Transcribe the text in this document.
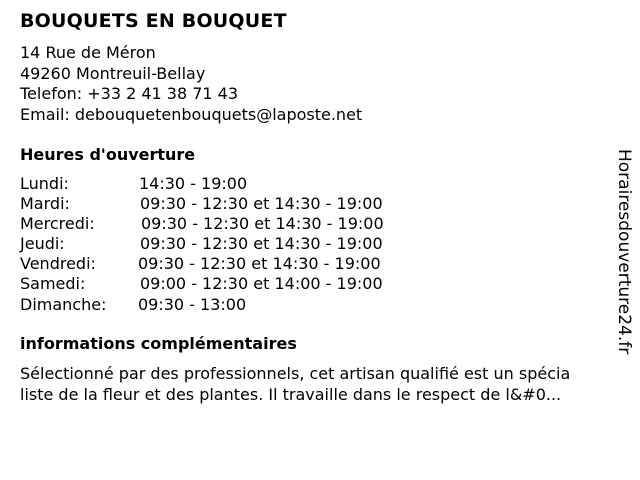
BOUQUETS EN BOUQUET
14 Rue de Méron
49260 Montreuil-Bellay
Telefon: +33 2 41 38 71 43
Email: debouquetenbouquets@laposte.net
Heures d'ouverture
Lundi:	14:30 - 19:00
Mardi:	09:30 - 12:30 et 14:30 - 19:00
Mercredi:	09:30 - 12:30 et 14:30 - 19:00
Jeudi:	09:30 - 12:30 et 14:30 - 19:00
Vendredi:	09:30 - 12:30 et 14:30 - 19:00
Samedi:	09:00 - 12:30 et 14:00 - 19:00
Dimanche: 09:30 - 13:00
informations complémentaires
Sélectionné par des professionnels, cet artisan qualifié est un spécia
liste de la fleur et des plantes. Il travaille dans le respect de l&#0...
Horairesdouverture24.fr
